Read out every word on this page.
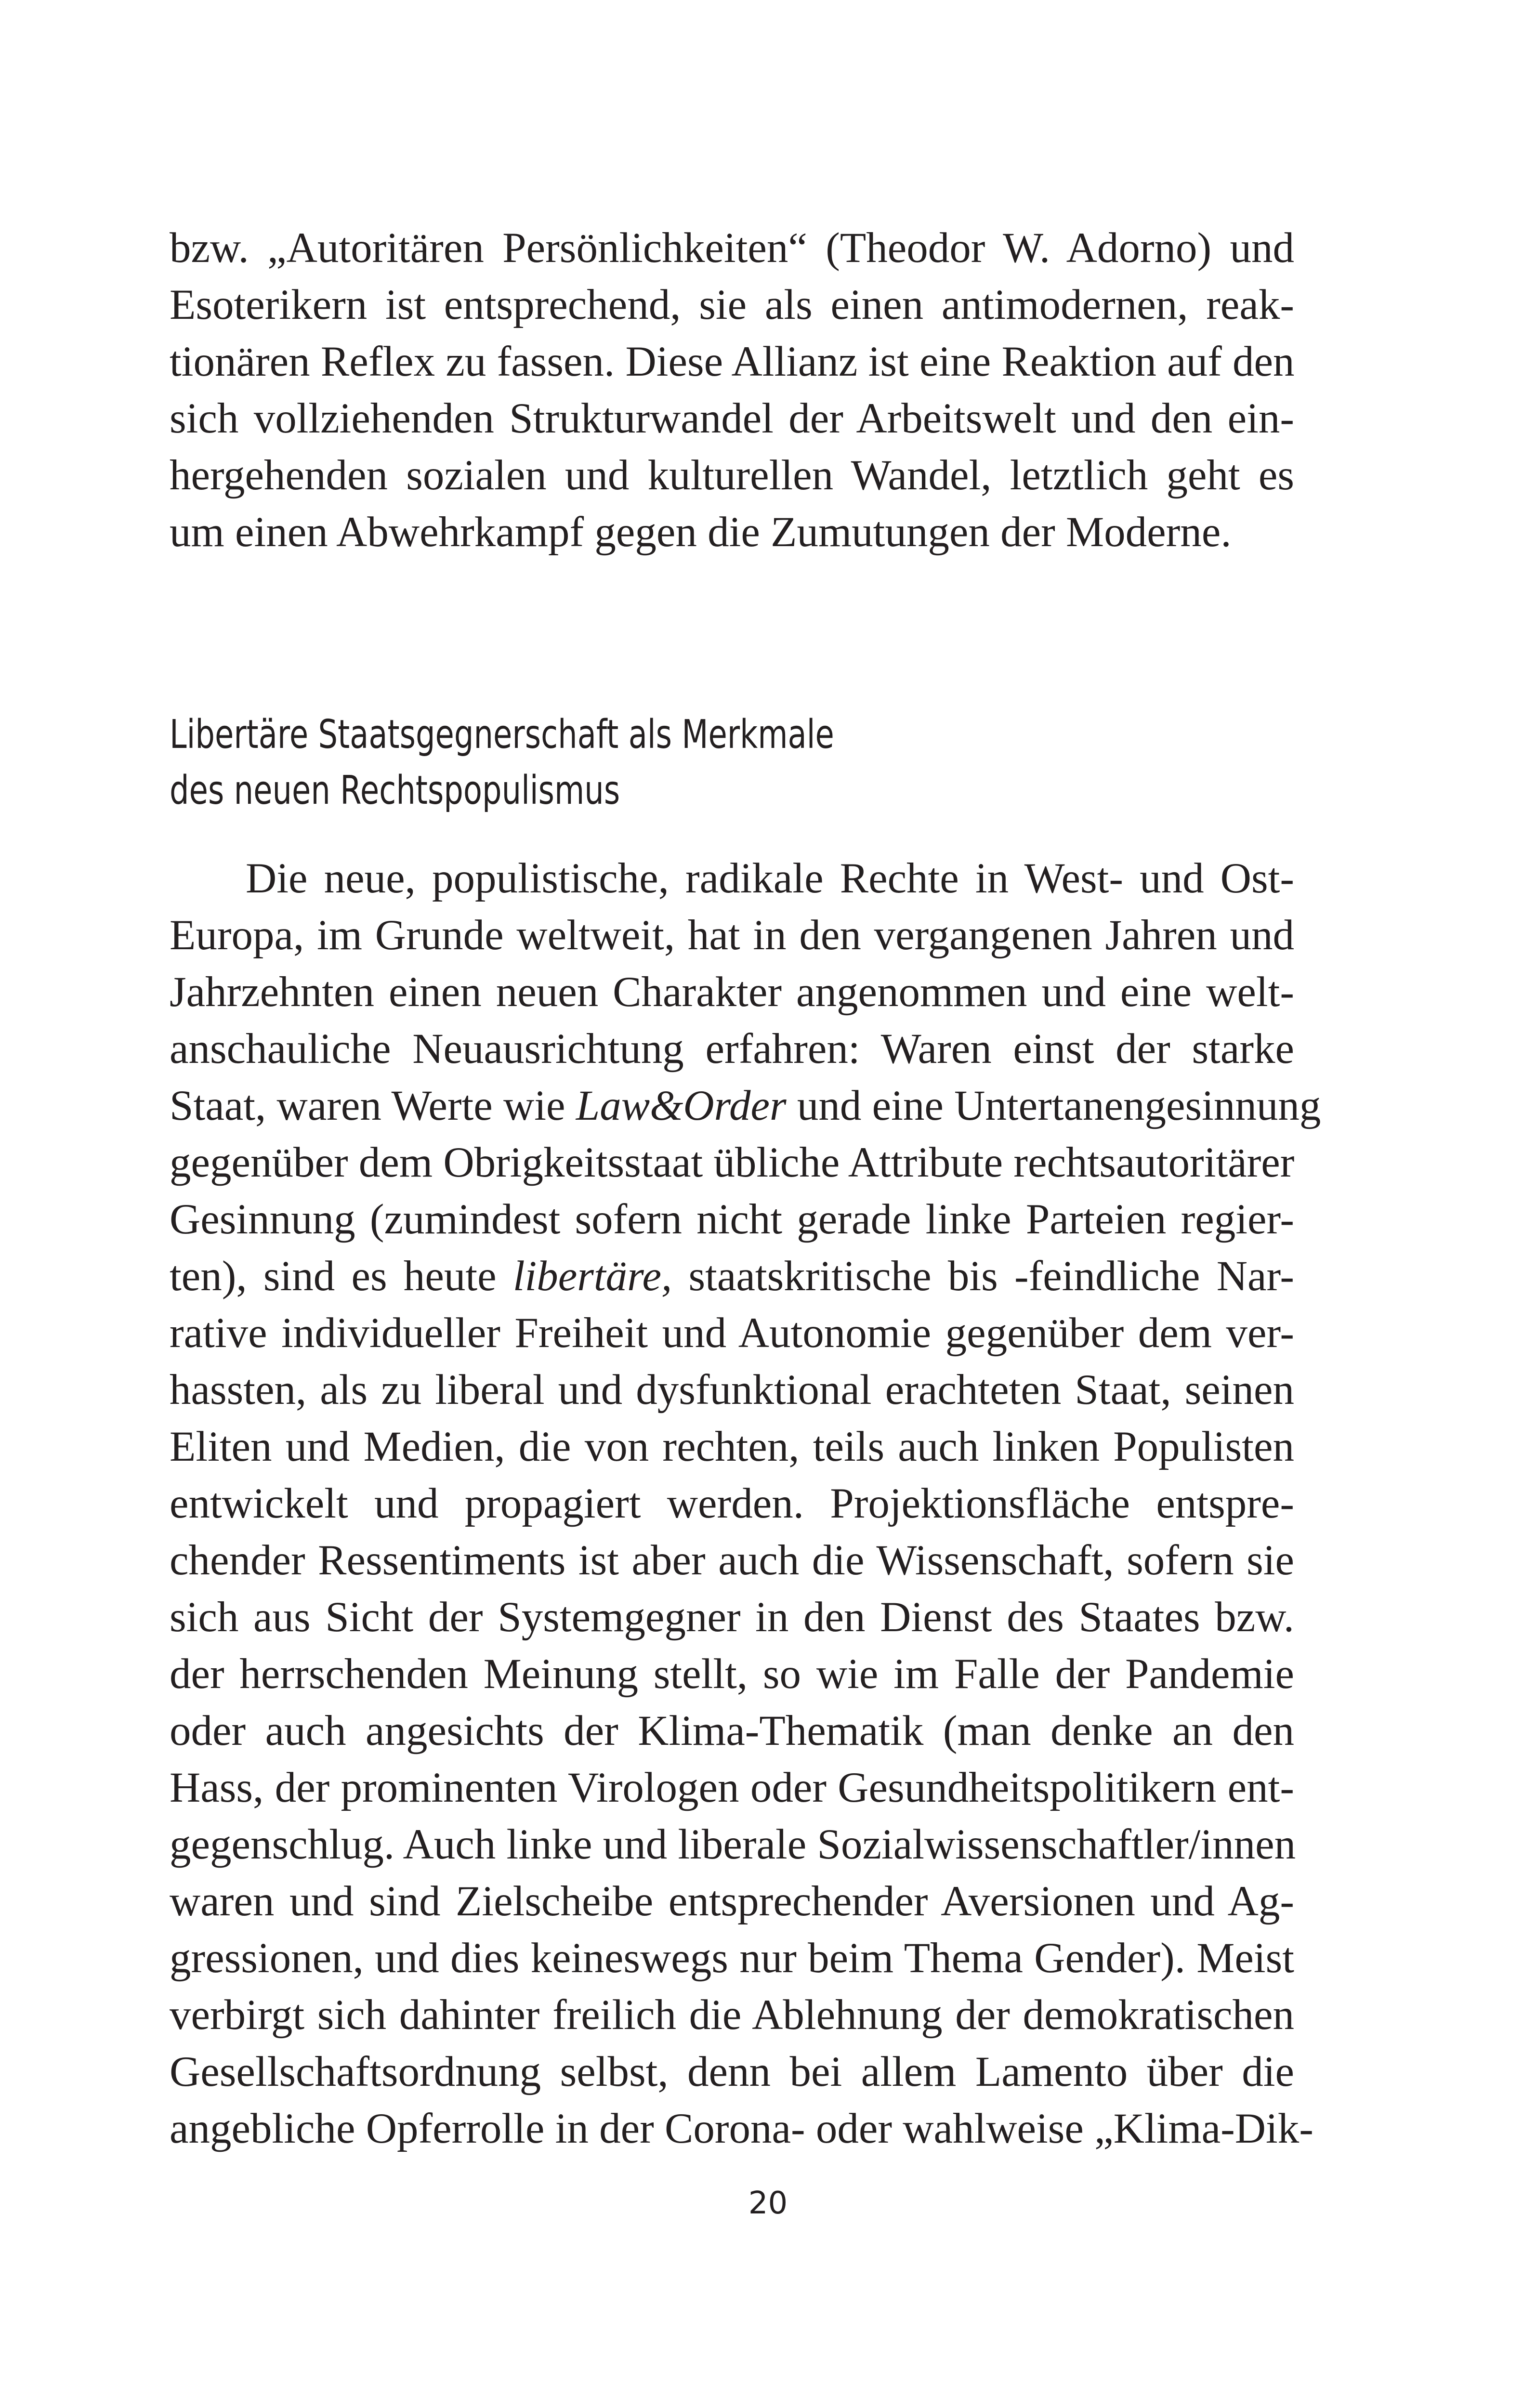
bzw. „Autoritären Persönlichkeiten“ (Theodor W. Adorno) und
Esoterikern ist entsprechend, sie als einen antimodernen, reak-
tionären Reflex zu fassen. Diese Allianz ist eine Reaktion auf den
sich vollziehenden Strukturwandel der Arbeitswelt und den ein-
hergehenden sozialen und kulturellen Wandel, letztlich geht es
um einen Abwehrkampf gegen die Zumutungen der Moderne.
Libertäre Staatsgegnerschaft als Merkmale
des neuen Rechtspopulismus
Die neue, populistische, radikale Rechte in West- und Ost-
Europa, im Grunde weltweit, hat in den vergangenen Jahren und
Jahrzehnten einen neuen Charakter angenommen und eine welt-
anschauliche Neuausrichtung erfahren: Waren einst der starke
Staat, waren Werte wie Law&Order und eine Untertanengesinnung
gegenüber dem Obrigkeitsstaat übliche Attribute rechtsautoritärer
Gesinnung (zumindest sofern nicht gerade linke Parteien regier-
ten), sind es heute libertäre, staatskritische bis -feindliche Nar-
rative individueller Freiheit und Autonomie gegenüber dem ver-
hassten, als zu liberal und dysfunktional erachteten Staat, seinen
Eliten und Medien, die von rechten, teils auch linken Populisten
entwickelt und propagiert werden. Projektionsfläche entspre-
chender Ressentiments ist aber auch die Wissenschaft, sofern sie
sich aus Sicht der Systemgegner in den Dienst des Staates bzw.
der herrschenden Meinung stellt, so wie im Falle der Pandemie
oder auch angesichts der Klima-Thematik (man denke an den
Hass, der prominenten Virologen oder Gesundheitspolitikern ent-
gegenschlug. Auch linke und liberale Sozialwissenschaftler/innen
waren und sind Zielscheibe entsprechender Aversionen und Ag-
gressionen, und dies keineswegs nur beim Thema Gender). Meist
verbirgt sich dahinter freilich die Ablehnung der demokratischen
Gesellschaftsordnung selbst, denn bei allem Lamento über die
angebliche Opferrolle in der Corona- oder wahlweise „Klima-Dik-
20
